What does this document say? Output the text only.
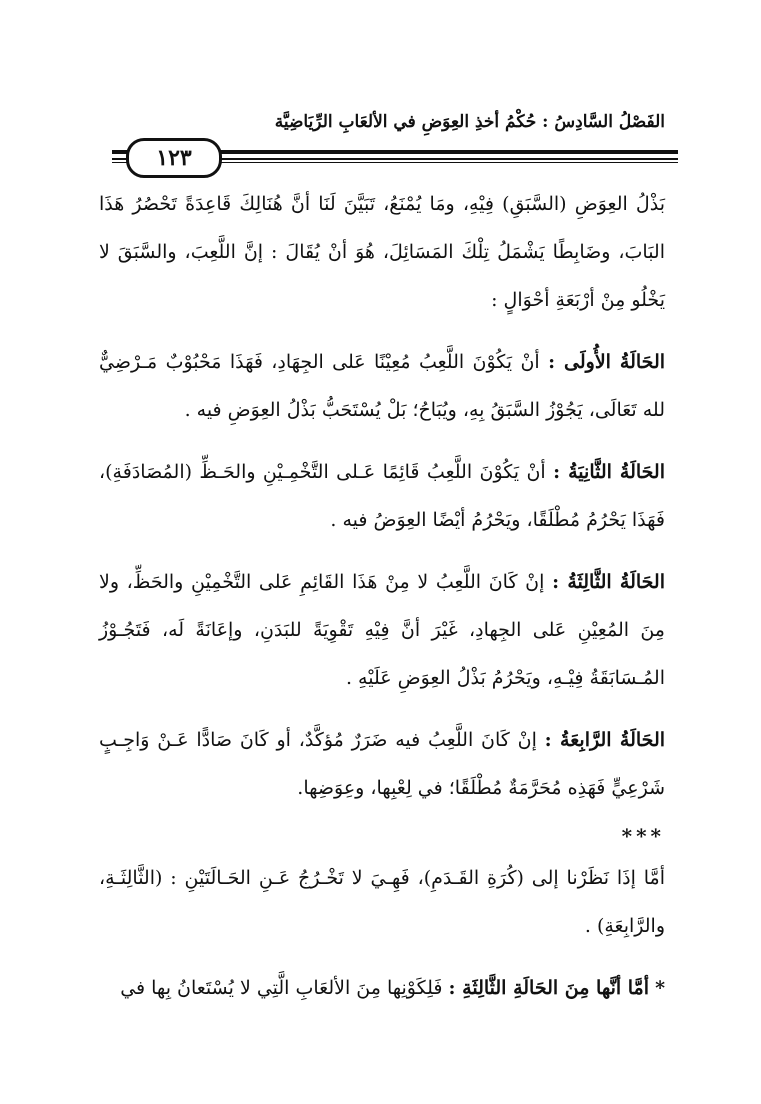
الفَصْلُ السَّادِسُ : حُكْمُ أخذِ العِوَضِ في الألعَابِ الرِّيَاضِيَّة
١٢٣

بَذْلُ العِوَضِ (السَّبَقِ) فِيْهِ، ومَا يُمْنَعُ، تَبَيَّنَ لَنَا أنَّ هُنَالِكَ قَاعِدَةً تَحْصُرُ هَذَا البَابَ، وضَابِطًا يَشْمَلُ تِلْكَ المَسَائِلَ، هُوَ أنْ يُقَالَ : إنَّ اللَّعِبَ، والسَّبَقَ لا يَخْلُو مِنْ أرْبَعَةِ أحْوَالٍ :

الحَالَةُ الأُولَى : أنْ يَكُوْنَ اللَّعِبُ مُعِيْنًا عَلى الجِهَادِ، فَهَذَا مَحْبُوْبٌ مَـرْضِيٌّ لله تَعَالَى، يَجُوْزُ السَّبَقُ بِهِ، ويُبَاحُ؛ بَلْ يُسْتَحَبُّ بَذْلُ العِوَضِ فيه .

الحَالَةُ الثَّانِيَةُ : أنْ يَكُوْنَ اللَّعِبُ قَائِمًا عَـلى التَّخْمِـيْنِ والحَـظِّ (المُصَادَفَةِ)، فَهَذَا يَحْرُمُ مُطْلَقًا، ويَحْرُمُ أيْضًا العِوَضُ فيه .

الحَالَةُ الثَّالِثَةُ : إنْ كَانَ اللَّعِبُ لا مِنْ هَذَا القَائِمِ عَلى التَّخْمِيْنِ والحَظِّ، ولا مِنَ المُعِيْنِ عَلى الجِهادِ، غَيْرَ أنَّ فِيْهِ تَقْوِيَةً للبَدَنِ، وإعَانَةً لَه، فَتَجُـوْزُ المُـسَابَقَةُ فِيْـهِ، ويَحْرُمُ بَذْلُ العِوَضِ عَلَيْهِ .

الحَالَةُ الرَّابِعَةُ : إنْ كَانَ اللَّعِبُ فيه ضَرَرٌ مُؤكَّدٌ، أو كَانَ صَادًّا عَـنْ وَاجِـبٍ شَرْعِيٍّ فَهَذِه مُحَرَّمَةٌ مُطْلَقًا؛ في لِعْبِها، وعِوَضِها.

***

أمَّا إذَا نَظَرْنا إلى (كُرَةِ القَـدَمِ)، فَهِـيَ لا تَخْـرُجُ عَـنِ الحَـالَتَيْنِ : (الثَّالِثَـةِ، والرَّابِعَةِ) .

* أمَّا أنَّها مِنَ الحَالَةِ الثَّالِثَةِ : فَلِكَوْنِها مِنَ الألعَابِ الَّتِي لا يُسْتَعانُ بِها في
